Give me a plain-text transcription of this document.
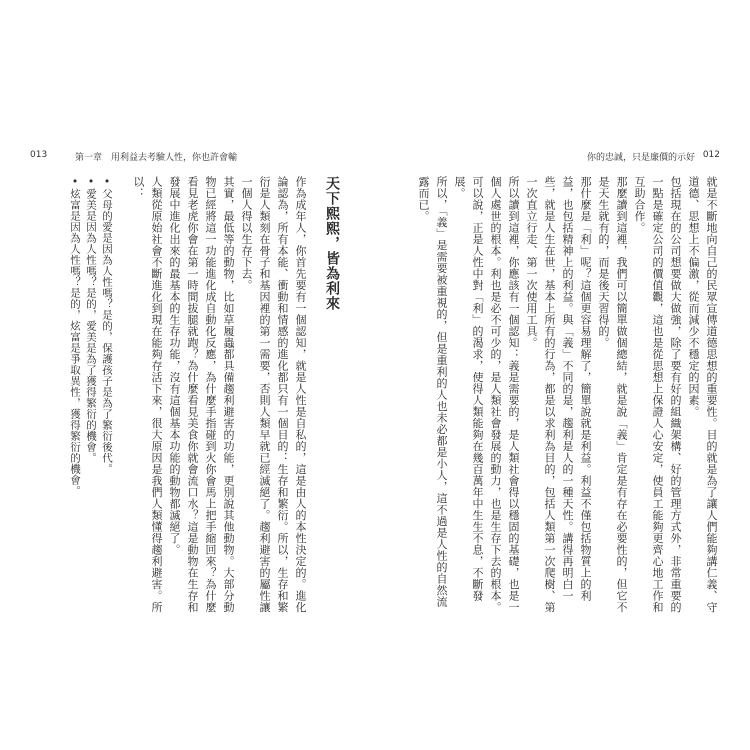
013	第一章　用利益去考驗人性，你也許會輸
天下熙熙，皆為利來

作為成年人，你首先要有一個認知，就是人性是自私的，這是由人的本性決定的。進化論認為，所有本能、衝動和情感的進化都只有一個目的：生存和繁衍。所以，生存和繁衍是人類刻在骨子和基因裡的第一需要，否則人類早就已經滅絕了。趨利避害的屬性讓一個人得以生存下去。

其實，最低等的動物，比如草履蟲都具備趨利避害的功能，更別說其他動物。大部分動物已經將這一功能進化成自動化反應，為什麼手指碰到火你會馬上把手縮回來？為什麼看見老虎你會在第一時間拔腿就跑？為什麼看見美食你就會流口水？這是動物在生存和發展中進化出來的最基本的生存功能，沒有這個基本功能的動物都滅絕了。

人類從原始社會不斷進化到現在能夠存活下來，很大原因是我們人類懂得趨利避害。所以：

• 父母的愛是因為人性嗎？是的，保護孩子是為了繁衍後代。
• 愛美是因為人性嗎？是的，愛美是為了獲得繁衍的機會。
• 炫富是因為人性嗎？是的，炫富是爭取異性，獲得繁衍的機會。
你的忠誠，只是廉價的示好 012

就是不斷地向自己的民眾宣傳道德思想的重要性。目的就是為了讓人們能夠講仁義、守道德、思想上不偏激，從而減少不穩定的因素。

包括現在的公司想要做大做強，除了要有好的組織架構、好的管理方式外，非常重要的一點是確定公司的價值觀，這也是從思想上保證人心安定，使員工能夠更齊心地工作和互助合作。

那麼讀到這裡，我們可以簡單做個總結，就是說「義」肯定是有存在必要性的，但它不是天生就有的，而是後天習得的。

那什麼是「利」呢？這個更容易理解了，簡單說就是利益。利益不僅包括物質上的利益，也包括精神上的利益。與「義」不同的是，趨利是人的一種天性。講得再明白一些，就是人生在世，基本上所有的行為，都是以求利為目的，包括人類第一次爬樹、第一次直立行走、第一次使用工具。

所以讀到這裡，你應該有一個認知：義是需要的，是人類社會得以穩固的基礎，也是一個人處世的根本。利也是必不可少的，是人類社會發展的動力，也是生存下去的根本。可以說，正是人性中對「利」的渴求，使得人類能夠在幾百萬年中生生不息，不斷發展。

所以，「義」是需要被重視的，但是重利的人也未必都是小人，這不過是人性的自然流露而已。
